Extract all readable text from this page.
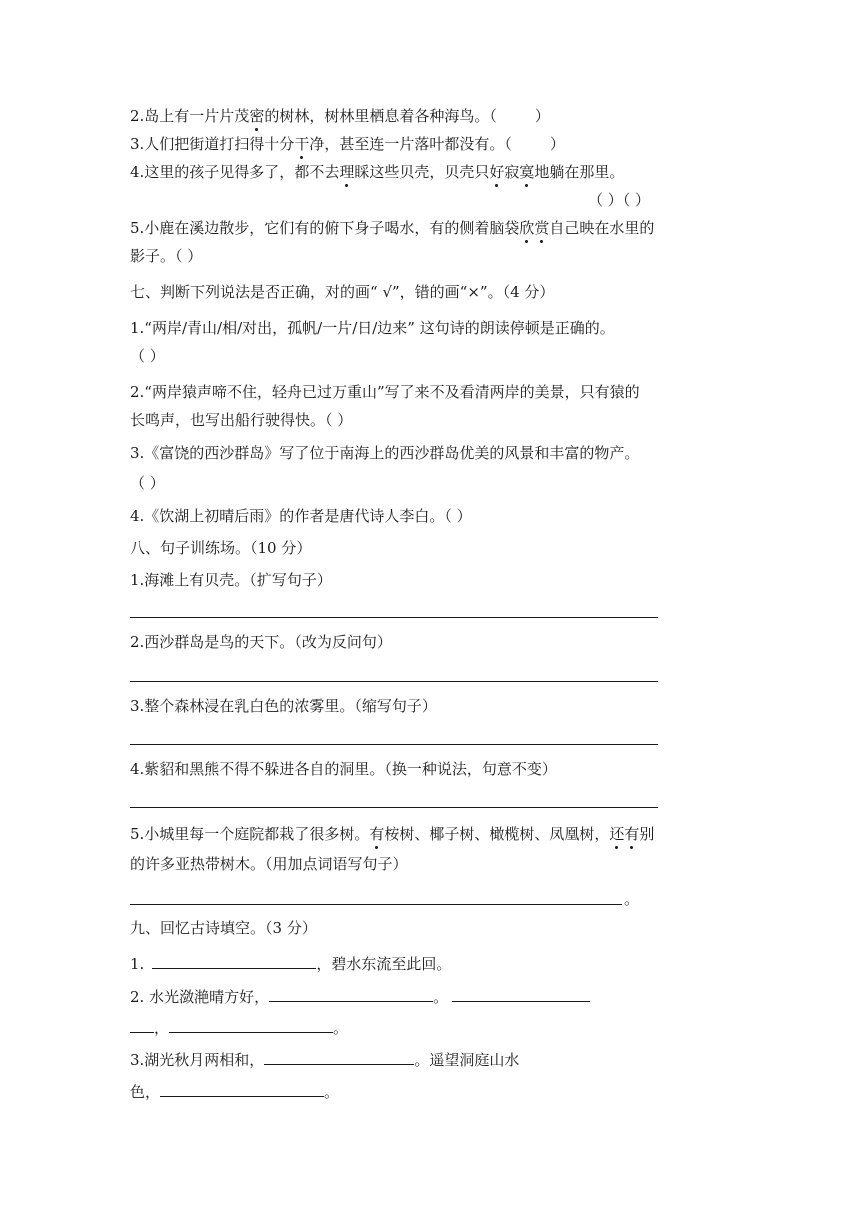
2.岛上有一片片茂密的树林，树林里栖息着各种海鸟。（	）
3.人们把街道打扫得十分干净，甚至连一片落叶都没有。（	）
4.这里的孩子见得多了，都不去理睬这些贝壳，贝壳只好寂寞地躺在那里。
（ ）（ ）
5.小鹿在溪边散步，它们有的俯下身子喝水，有的侧着脑袋欣赏自己映在水里的
影子。（ ）
七、判断下列说法是否正确，对的画“ √”，错的画“×”。（4 分）
1.“两岸/青山/相/对出，孤帆/一片/日/边来” 这句诗的朗读停顿是正确的。
（ ）
2.“两岸猿声啼不住，轻舟已过万重山”写了来不及看清两岸的美景，只有猿的
长鸣声，也写出船行驶得快。（ ）
3.《富饶的西沙群岛》写了位于南海上的西沙群岛优美的风景和丰富的物产。
（ ）
4.《饮湖上初晴后雨》的作者是唐代诗人李白。（ ）
八、句子训练场。（10 分）
1.海滩上有贝壳。（扩写句子）
2.西沙群岛是鸟的天下。（改为反问句）
3.整个森林浸在乳白色的浓雾里。（缩写句子）
4.紫貂和黑熊不得不躲进各自的洞里。（换一种说法，句意不变）
5.小城里每一个庭院都栽了很多树。有桉树、椰子树、橄榄树、凤凰树，还有别
的许多亚热带树木。（用加点词语写句子）
。
九、回忆古诗填空。（3 分）
1.	，碧水东流至此回。
2. 水光潋滟晴方好，	。
，	。
3.湖光秋月两相和，	。遥望洞庭山水
色，	。
